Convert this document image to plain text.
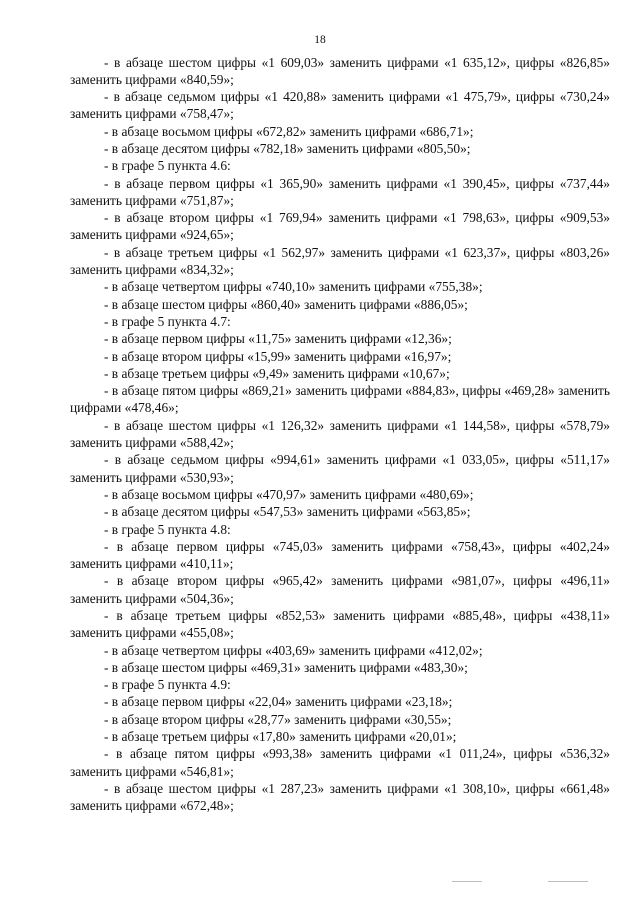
18

- в абзаце шестом цифры «1 609,03» заменить цифрами «1 635,12», цифры «826,85» заменить цифрами «840,59»;

- в абзаце седьмом цифры «1 420,88» заменить цифрами «1 475,79», цифры «730,24» заменить цифрами «758,47»;

- в абзаце восьмом цифры «672,82» заменить цифрами «686,71»;

- в абзаце десятом цифры «782,18» заменить цифрами «805,50»;

- в графе 5 пункта 4.6:

- в абзаце первом цифры «1 365,90» заменить цифрами «1 390,45», цифры «737,44» заменить цифрами «751,87»;

- в абзаце втором цифры «1 769,94» заменить цифрами «1 798,63», цифры «909,53» заменить цифрами «924,65»;

- в абзаце третьем цифры «1 562,97» заменить цифрами «1 623,37», цифры «803,26» заменить цифрами «834,32»;

- в абзаце четвертом цифры «740,10» заменить цифрами «755,38»;

- в абзаце шестом цифры «860,40» заменить цифрами «886,05»;

- в графе 5 пункта 4.7:

- в абзаце первом цифры «11,75» заменить цифрами «12,36»;

- в абзаце втором цифры «15,99» заменить цифрами «16,97»;

- в абзаце третьем цифры «9,49» заменить цифрами «10,67»;

- в абзаце пятом цифры «869,21» заменить цифрами «884,83», цифры «469,28» заменить цифрами «478,46»;

- в абзаце шестом цифры «1 126,32» заменить цифрами «1 144,58», цифры «578,79» заменить цифрами «588,42»;

- в абзаце седьмом цифры «994,61» заменить цифрами «1 033,05», цифры «511,17» заменить цифрами «530,93»;

- в абзаце восьмом цифры «470,97» заменить цифрами «480,69»;

- в абзаце десятом цифры «547,53» заменить цифрами «563,85»;

- в графе 5 пункта 4.8:

- в абзаце первом цифры «745,03» заменить цифрами «758,43», цифры «402,24» заменить цифрами «410,11»;

- в абзаце втором цифры «965,42» заменить цифрами «981,07», цифры «496,11» заменить цифрами «504,36»;

- в абзаце третьем цифры «852,53» заменить цифрами «885,48», цифры «438,11» заменить цифрами «455,08»;

- в абзаце четвертом цифры «403,69» заменить цифрами «412,02»;

- в абзаце шестом цифры «469,31» заменить цифрами «483,30»;

- в графе 5 пункта 4.9:

- в абзаце первом цифры «22,04» заменить цифрами «23,18»;

- в абзаце втором цифры «28,77» заменить цифрами «30,55»;

- в абзаце третьем цифры «17,80» заменить цифрами «20,01»;

- в абзаце пятом цифры «993,38» заменить цифрами «1 011,24», цифры «536,32» заменить цифрами «546,81»;

- в абзаце шестом цифры «1 287,23» заменить цифрами «1 308,10», цифры «661,48» заменить цифрами «672,48»;
